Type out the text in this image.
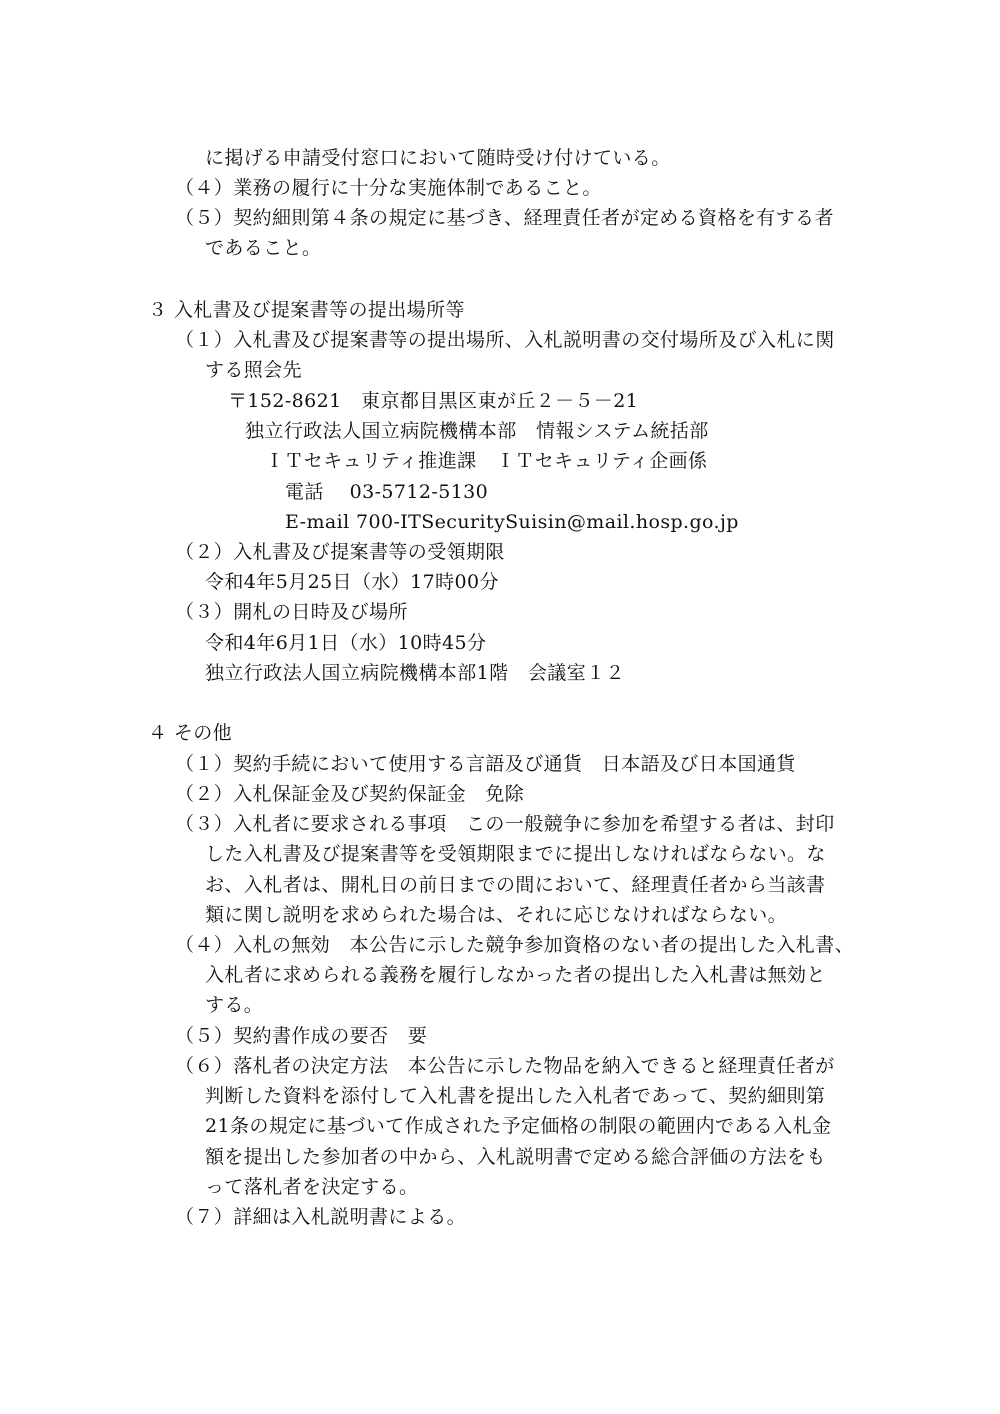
に掲げる申請受付窓口において随時受け付けている。
（４）業務の履行に十分な実施体制であること。
（５）契約細則第４条の規定に基づき、経理責任者が定める資格を有する者
であること。
３ 入札書及び提案書等の提出場所等
（１）入札書及び提案書等の提出場所、入札説明書の交付場所及び入札に関
する照会先
〒152-8621　東京都目黒区東が丘２－５－21
独立行政法人国立病院機構本部　情報システム統括部
ＩＴセキュリティ推進課　ＩＴセキュリティ企画係
電話　 03-5712-5130
E-mail 700-ITSecuritySuisin@mail.hosp.go.jp
（２）入札書及び提案書等の受領期限
令和4年5月25日（水）17時00分
（３）開札の日時及び場所
令和4年6月1日（水）10時45分
独立行政法人国立病院機構本部1階　会議室１２
４ その他
（１）契約手続において使用する言語及び通貨　日本語及び日本国通貨
（２）入札保証金及び契約保証金　免除
（３）入札者に要求される事項　この一般競争に参加を希望する者は、封印
した入札書及び提案書等を受領期限までに提出しなければならない。な
お、入札者は、開札日の前日までの間において、経理責任者から当該書
類に関し説明を求められた場合は、それに応じなければならない。
（４）入札の無効　本公告に示した競争参加資格のない者の提出した入札書、
入札者に求められる義務を履行しなかった者の提出した入札書は無効と
する。
（５）契約書作成の要否　要
（６）落札者の決定方法　本公告に示した物品を納入できると経理責任者が
判断した資料を添付して入札書を提出した入札者であって、契約細則第
21条の規定に基づいて作成された予定価格の制限の範囲内である入札金
額を提出した参加者の中から、入札説明書で定める総合評価の方法をも
って落札者を決定する。
（７）詳細は入札説明書による。
